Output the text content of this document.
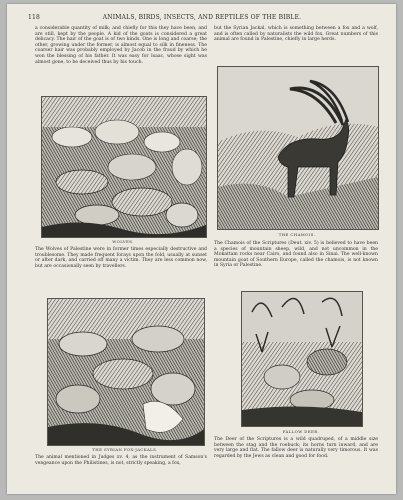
118	ANIMALS, BIRDS, INSECTS, AND REPTILES OF THE BIBLE.

a considerable quantity of milk; and chiefly for this they have been, and are still, kept by the people. A kid of the goats is considered a great delicacy. The hair of the goat is of two kinds. One is long and coarse; the other, growing under the former, is almost equal to silk in fineness. The coarser hair was probably employed by Jacob in the fraud by which he won the blessing of his father. It was easy for Isaac, whose sight was almost gone, to be deceived thus by his touch.

WOLVES.

The Wolves of Palestine were in former times especially destructive and troublesome. They made frequent forays upon the fold, usually at sunset or after dark, and carried off many a victim. They are less common now, but are occasionally seen by travellers.

THE SYRIAN FOX-JACKALS.

The animal mentioned in Judges xv. 4, as the instrument of Samson's vengeance upon the Philistines, is not, strictly speaking, a fox,

but the Syrian Jackal, which is something between a fox and a wolf, and is often called by naturalists the wild fox. Great numbers of this animal are found in Palestine, chiefly in large herds.

THE CHAMOIS.

The Chamois of the Scriptures (Deut. xiv. 5) is believed to have been a species of mountain sheep, wild, and not uncommon in the Mokattam rocks near Cairo, and found also in Sinai. The well-known mountain goat of Southern Europe, called the chamois, is not known in Syria or Palestine.

FALLOW DEER.

The Deer of the Scriptures is a wild quadruped, of a middle size between the stag and the roebuck; its horns turn inward, and are very large and flat. The fallow deer is naturally very timorous. It was regarded by the Jews as clean and good for food.
